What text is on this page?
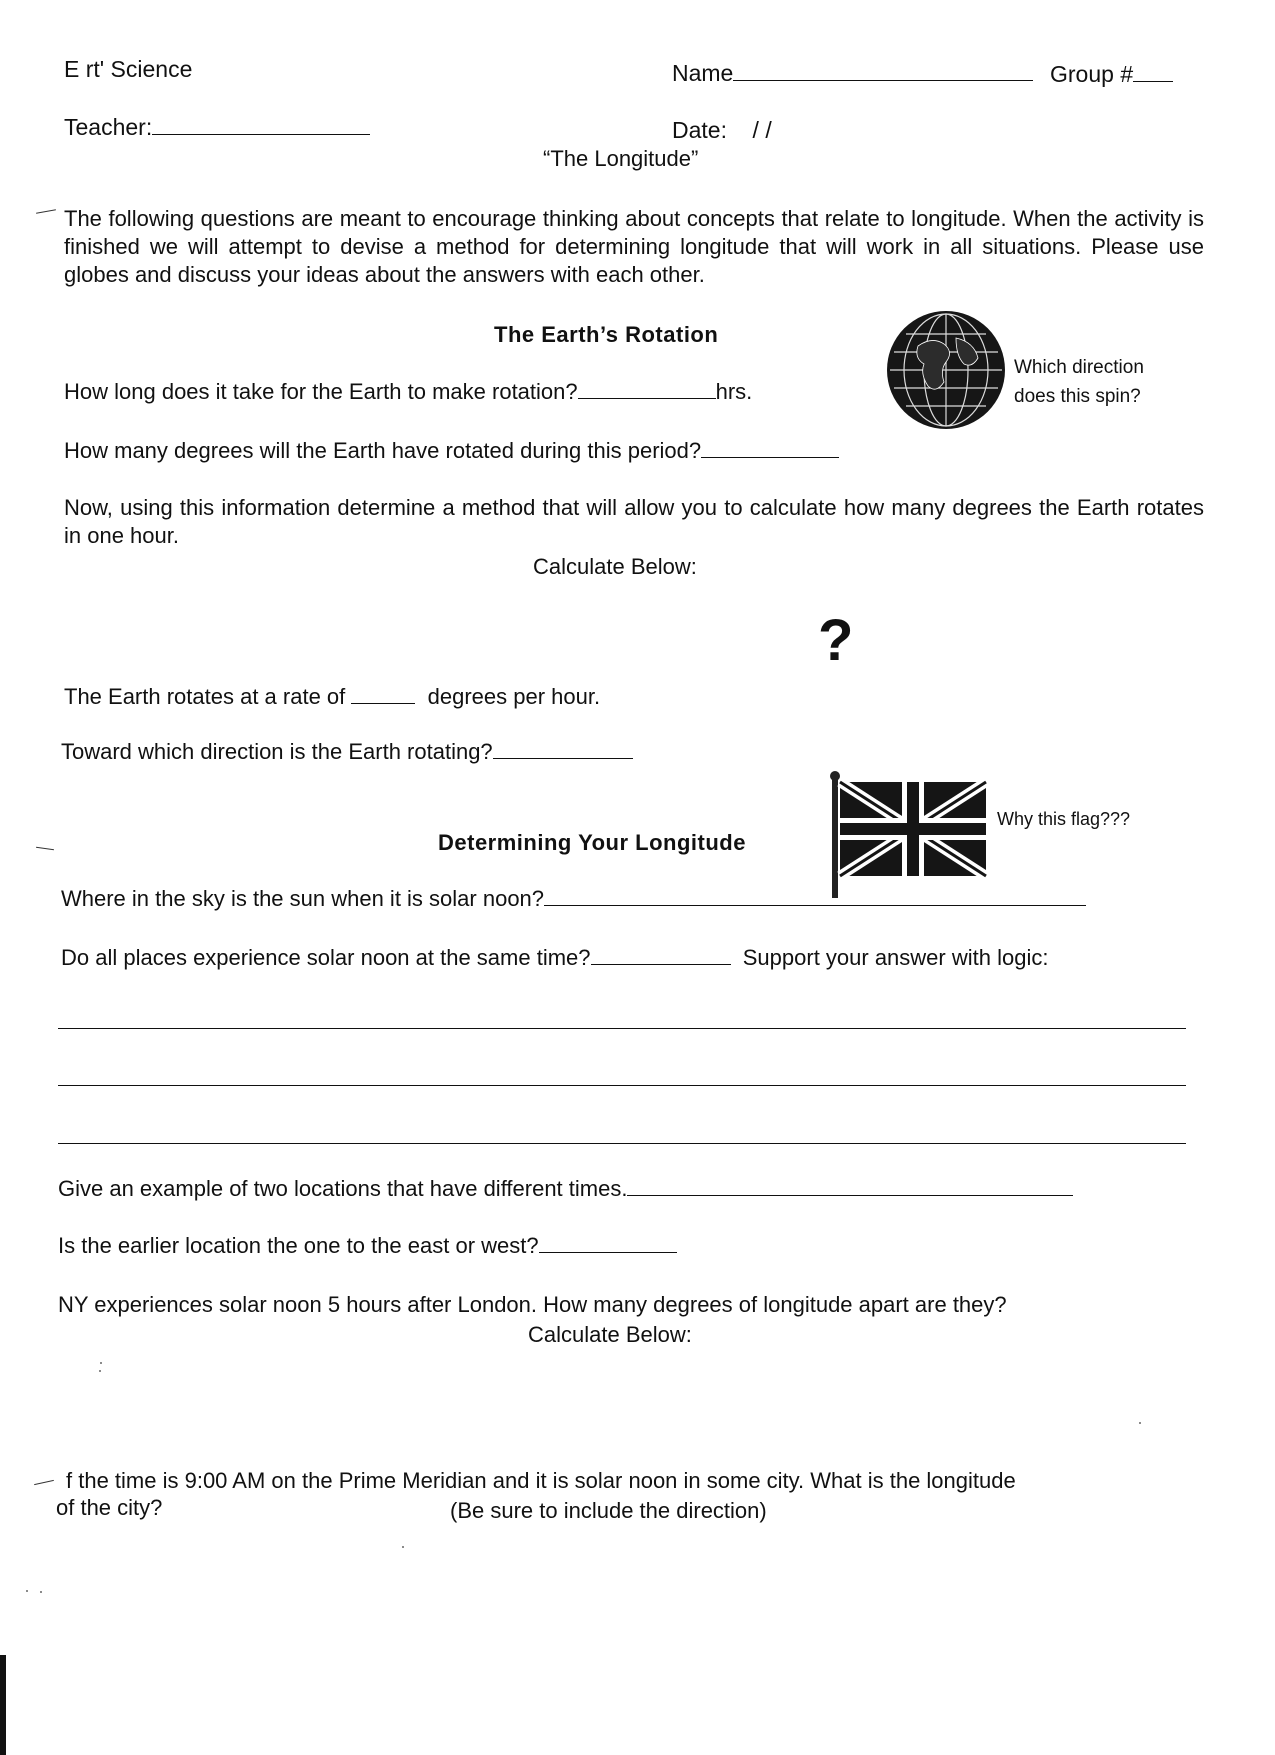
E rt' Science	Name	Group #
Teacher:	Date: / /
“The Longitude”
The following questions are meant to encourage thinking about concepts that relate to longitude. When the activity is finished we will attempt to devise a method for determining longitude that will work in all situations. Please use globes and discuss your ideas about the answers with each other.
The Earth’s Rotation
Which direction
does this spin?
How long does it take for the Earth to make rotation?	hrs.
How many degrees will the Earth have rotated during this period?
Now, using this information determine a method that will allow you to calculate how many degrees the Earth rotates in one hour.
Calculate Below:
?
The Earth rotates at a rate of	degrees per hour.
Toward which direction is the Earth rotating?
Why this flag???
Determining Your Longitude
Where in the sky is the sun when it is solar noon?
Do all places experience solar noon at the same time?	Support your answer with logic:
Give an example of two locations that have different times.
Is the earlier location the one to the east or west?
NY experiences solar noon 5 hours after London. How many degrees of longitude apart are they?
Calculate Below:
f the time is 9:00 AM on the Prime Meridian and it is solar noon in some city. What is the longitude
of the city?	(Be sure to include the direction)
